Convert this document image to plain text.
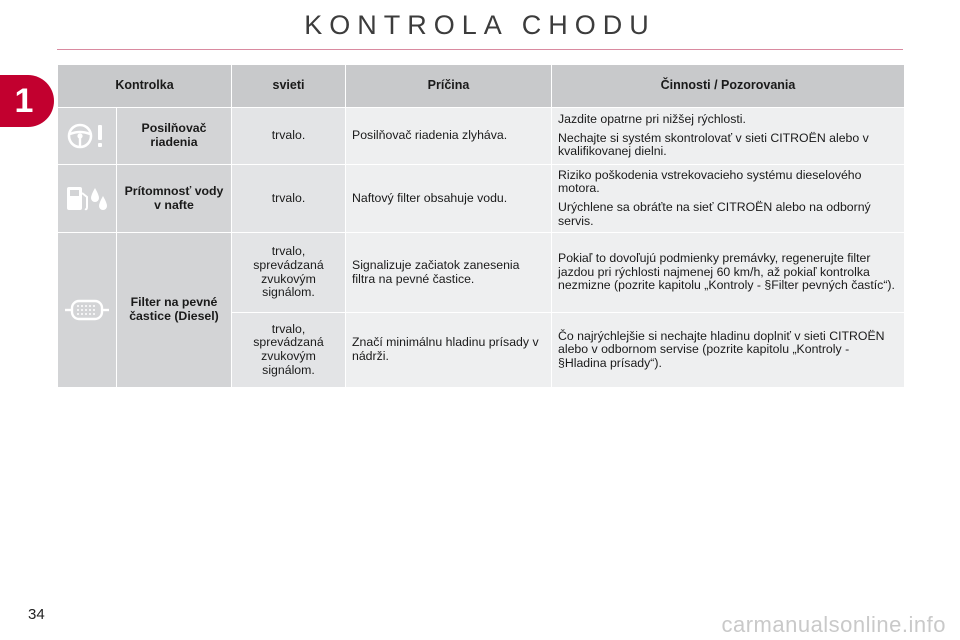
KONTROLA CHODU
1	Kontrolka		svieti	Príčina	Činnosti / Pozorovania

	Posilňovač riadenia	trvalo.	Posilňovač riadenia zlyháva.	Jazdite opatrne pri nižšej rýchlosti.

Nechajte si systém skontrolovať v sieti CITROËN alebo v kvalifikovanej dielni.

	Prítomnosť vody v nafte	trvalo.	Naftový filter obsahuje vodu.	Riziko poškodenia vstrekovacieho systému dieselového motora.

Urýchlene sa obráťte na sieť CITROËN alebo na odborný servis.

	Filter na pevné častice (Diesel)	trvalo, sprevádzaná zvukovým signálom.	Signalizuje začiatok zanesenia filtra na pevné častice.	Pokiaľ to dovoľujú podmienky premávky, regenerujte filter jazdou pri rýchlosti najmenej 60 km/h, až pokiaľ kontrolka nezmizne (pozrite kapitolu „Kontroly - §Filter pevných častíc“).

		trvalo, sprevádzaná zvukovým signálom.	Značí minimálnu hladinu prísady v nádrži.	Čo najrýchlejšie si nechajte hladinu doplniť v sieti CITROËN alebo v odbornom servise (pozrite kapitolu „Kontroly - §Hladina prísady“).

34	carmanualsonline.info
